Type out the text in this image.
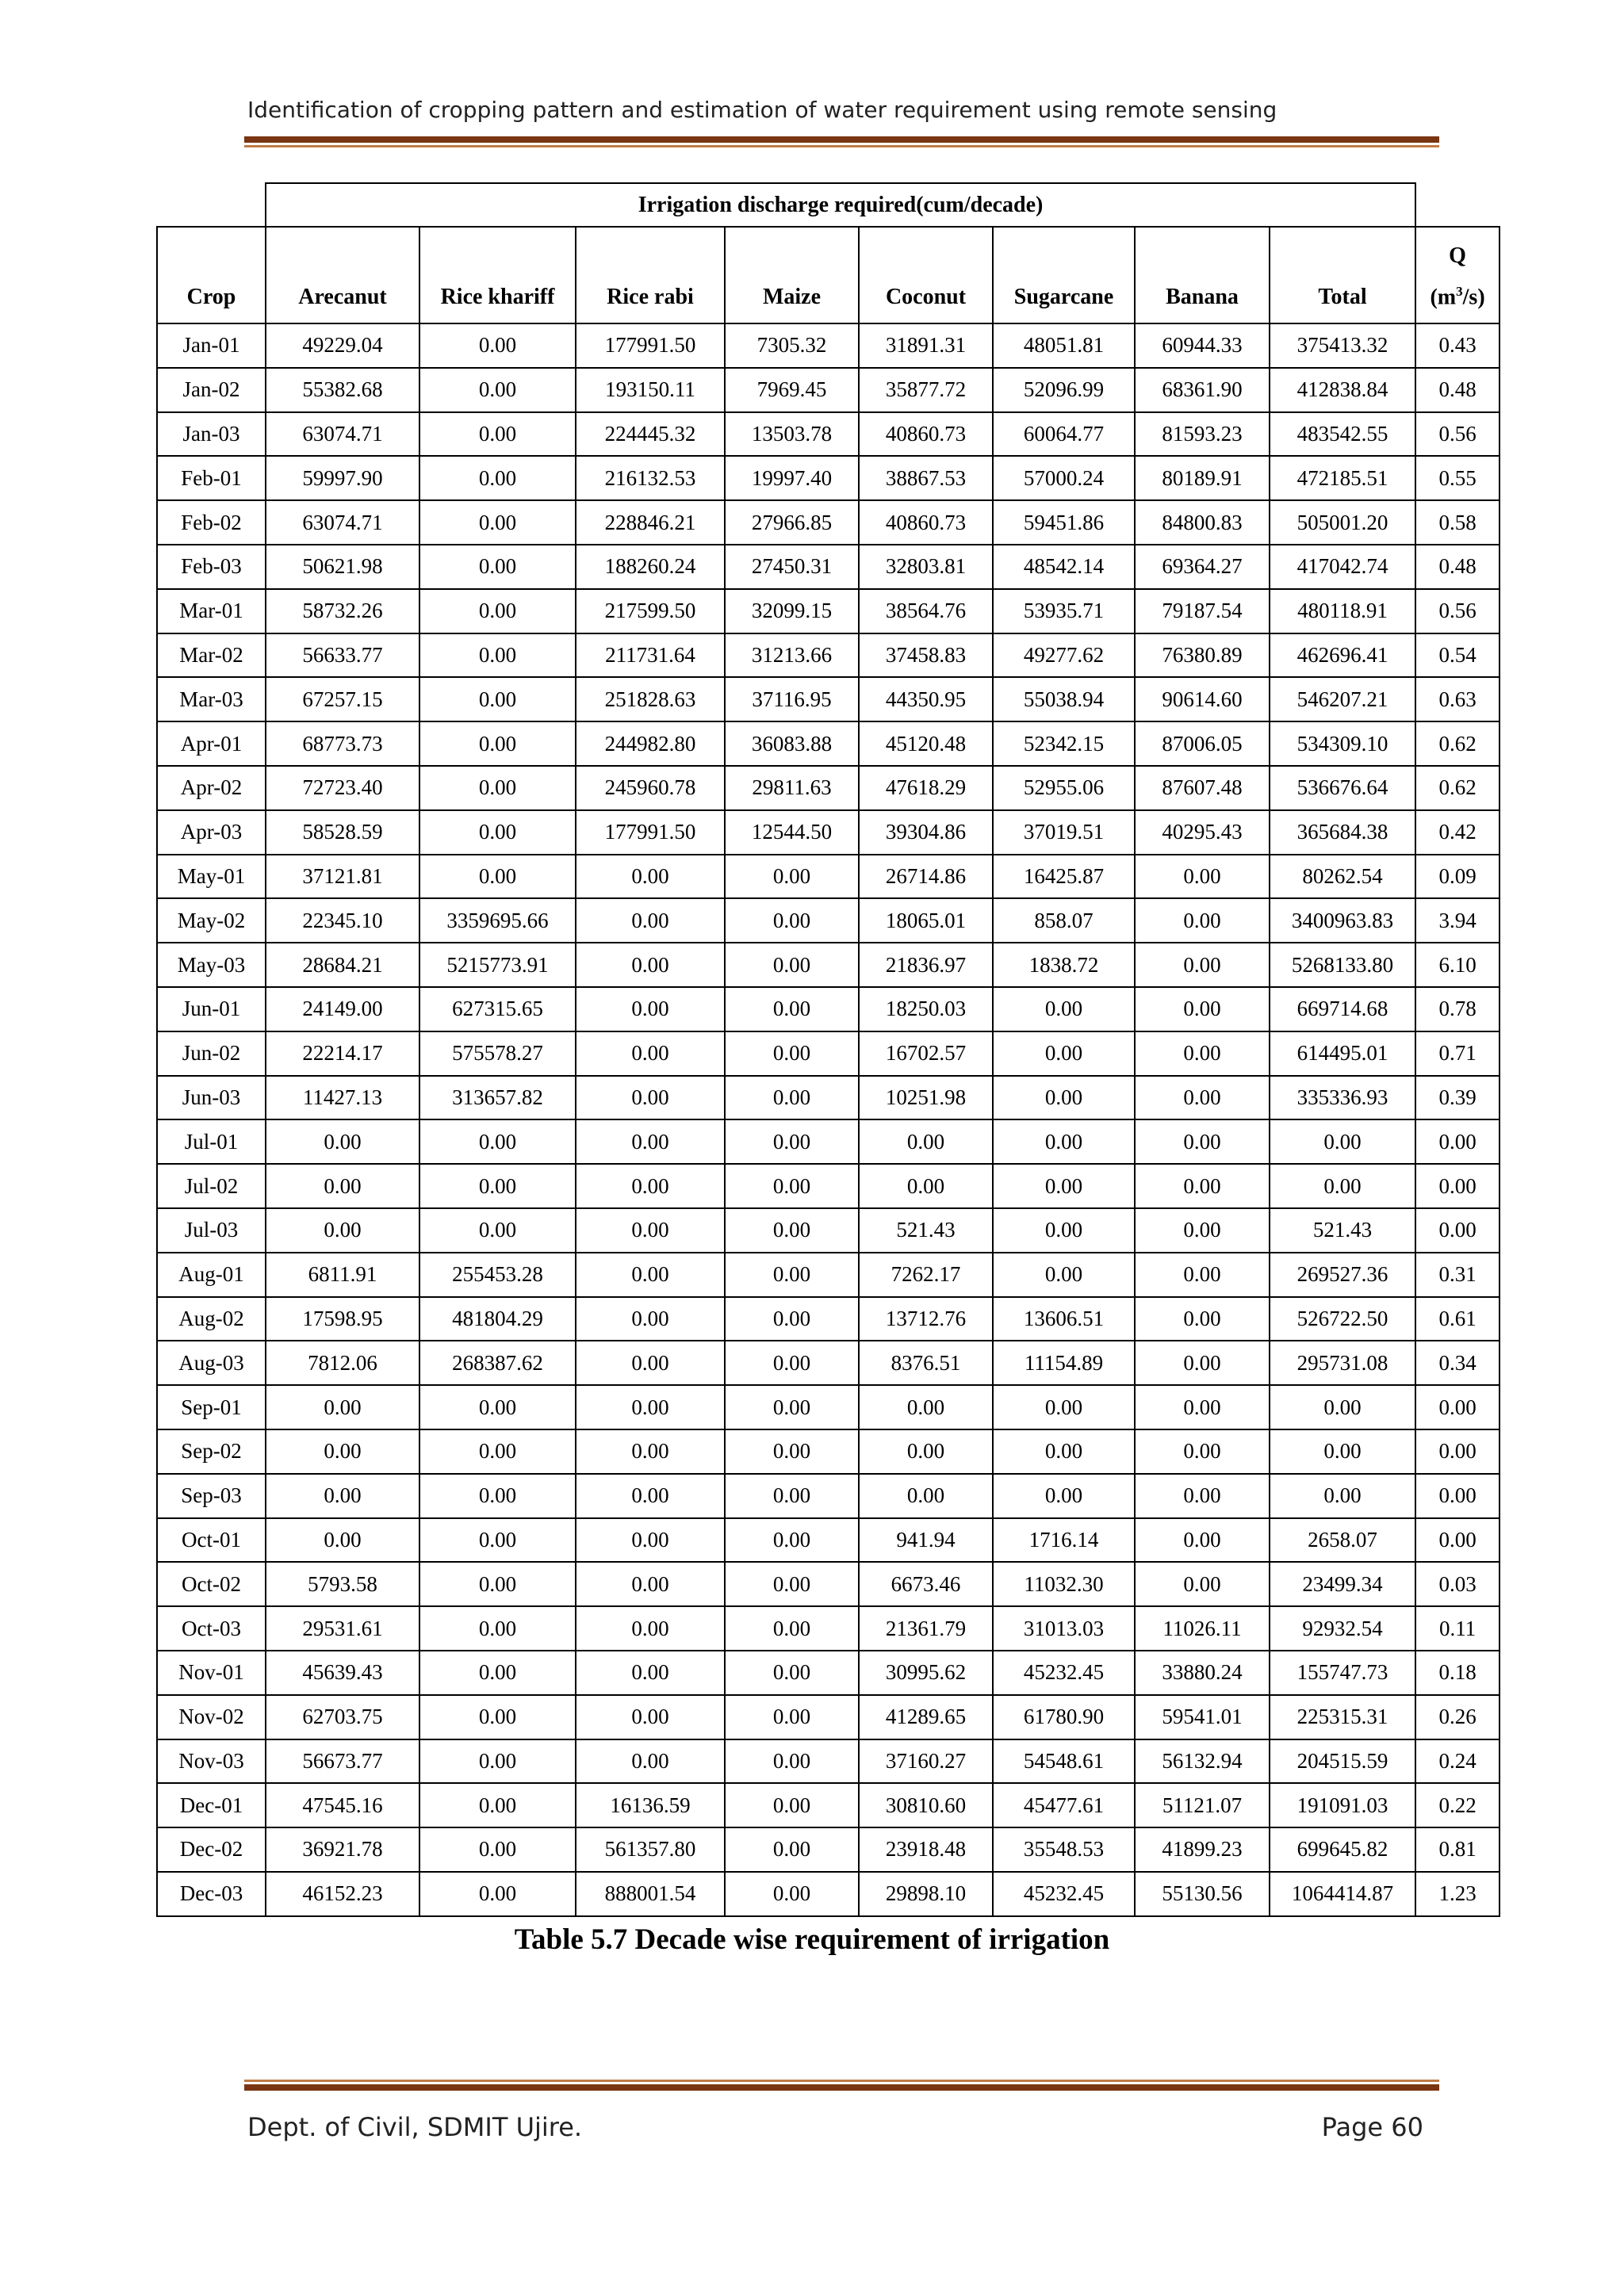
Identification of cropping pattern and estimation of water requirement using remote sensing
	Irrigation discharge required(cum/decade)								
Crop	Arecanut	Rice khariff	Rice rabi	Maize	Coconut	Sugarcane	Banana	Total	Q
$(m^3/s)$

Jan-01	49229.04	0.00	177991.50	7305.32	31891.31	48051.81	60944.33	375413.32	0.43
Jan-02	55382.68	0.00	193150.11	7969.45	35877.72	52096.99	68361.90	412838.84	0.48
Jan-03	63074.71	0.00	224445.32	13503.78	40860.73	60064.77	81593.23	483542.55	0.56
Feb-01	59997.90	0.00	216132.53	19997.40	38867.53	57000.24	80189.91	472185.51	0.55
Feb-02	63074.71	0.00	228846.21	27966.85	40860.73	59451.86	84800.83	505001.20	0.58
Feb-03	50621.98	0.00	188260.24	27450.31	32803.81	48542.14	69364.27	417042.74	0.48
Mar-01	58732.26	0.00	217599.50	32099.15	38564.76	53935.71	79187.54	480118.91	0.56
Mar-02	56633.77	0.00	211731.64	31213.66	37458.83	49277.62	76380.89	462696.41	0.54
Mar-03	67257.15	0.00	251828.63	37116.95	44350.95	55038.94	90614.60	546207.21	0.63
Apr-01	68773.73	0.00	244982.80	36083.88	45120.48	52342.15	87006.05	534309.10	0.62
Apr-02	72723.40	0.00	245960.78	29811.63	47618.29	52955.06	87607.48	536676.64	0.62
Apr-03	58528.59	0.00	177991.50	12544.50	39304.86	37019.51	40295.43	365684.38	0.42
May-01	37121.81	0.00	0.00	0.00	26714.86	16425.87	0.00	80262.54	0.09
May-02	22345.10	3359695.66	0.00	0.00	18065.01	858.07	0.00	3400963.83	3.94
May-03	28684.21	5215773.91	0.00	0.00	21836.97	1838.72	0.00	5268133.80	6.10
Jun-01	24149.00	627315.65	0.00	0.00	18250.03	0.00	0.00	669714.68	0.78
Jun-02	22214.17	575578.27	0.00	0.00	16702.57	0.00	0.00	614495.01	0.71
Jun-03	11427.13	313657.82	0.00	0.00	10251.98	0.00	0.00	335336.93	0.39
Jul-01	0.00	0.00	0.00	0.00	0.00	0.00	0.00	0.00	0.00
Jul-02	0.00	0.00	0.00	0.00	0.00	0.00	0.00	0.00	0.00
Jul-03	0.00	0.00	0.00	0.00	521.43	0.00	0.00	521.43	0.00
Aug-01	6811.91	255453.28	0.00	0.00	7262.17	0.00	0.00	269527.36	0.31
Aug-02	17598.95	481804.29	0.00	0.00	13712.76	13606.51	0.00	526722.50	0.61
Aug-03	7812.06	268387.62	0.00	0.00	8376.51	11154.89	0.00	295731.08	0.34
Sep-01	0.00	0.00	0.00	0.00	0.00	0.00	0.00	0.00	0.00
Sep-02	0.00	0.00	0.00	0.00	0.00	0.00	0.00	0.00	0.00
Sep-03	0.00	0.00	0.00	0.00	0.00	0.00	0.00	0.00	0.00
Oct-01	0.00	0.00	0.00	0.00	941.94	1716.14	0.00	2658.07	0.00
Oct-02	5793.58	0.00	0.00	0.00	6673.46	11032.30	0.00	23499.34	0.03
Oct-03	29531.61	0.00	0.00	0.00	21361.79	31013.03	11026.11	92932.54	0.11
Nov-01	45639.43	0.00	0.00	0.00	30995.62	45232.45	33880.24	155747.73	0.18
Nov-02	62703.75	0.00	0.00	0.00	41289.65	61780.90	59541.01	225315.31	0.26
Nov-03	56673.77	0.00	0.00	0.00	37160.27	54548.61	56132.94	204515.59	0.24
Dec-01	47545.16	0.00	16136.59	0.00	30810.60	45477.61	51121.07	191091.03	0.22
Dec-02	36921.78	0.00	561357.80	0.00	23918.48	35548.53	41899.23	699645.82	0.81
Dec-03	46152.23	0.00	888001.54	0.00	29898.10	45232.45	55130.56	1064414.87	1.23
Table 5.7 Decade wise requirement of irrigation
Dept. of Civil, SDMIT Ujire.	Page 60
